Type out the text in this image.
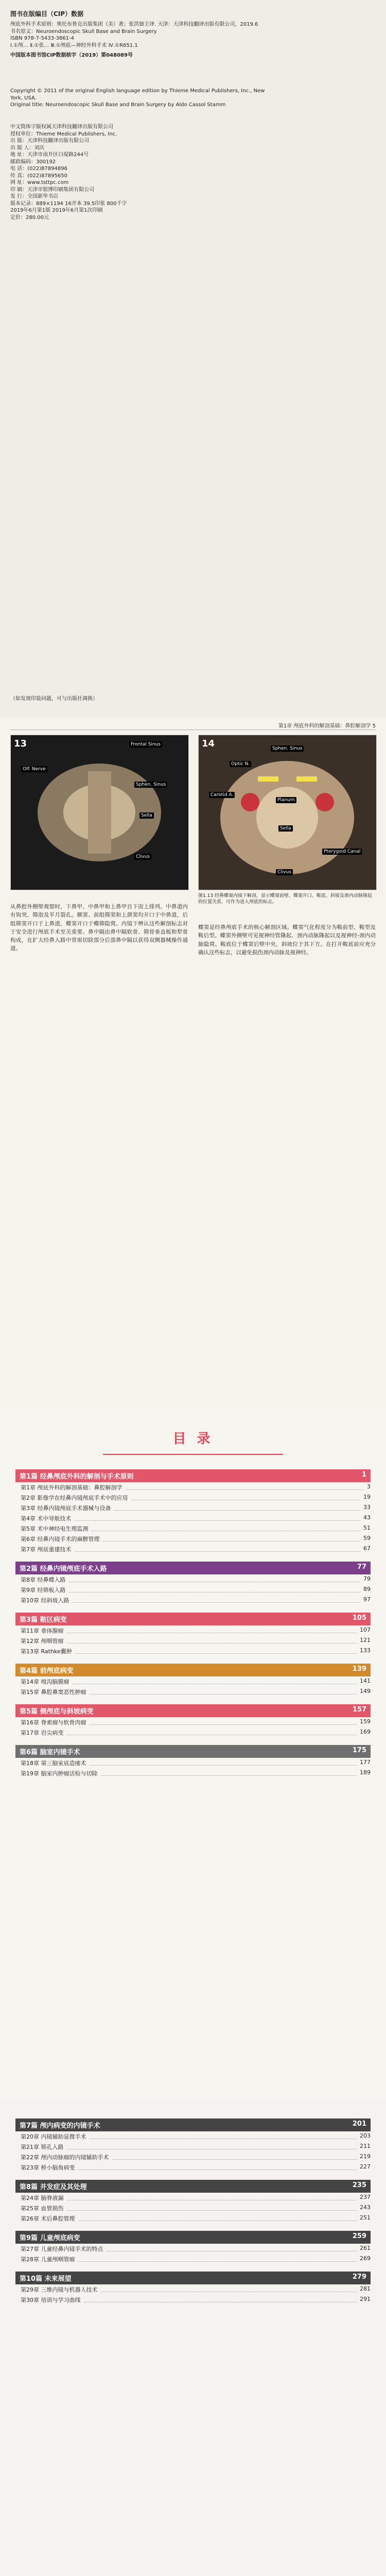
图书在版编目（CIP）数据
颅底外科手术原则：奥托布鲁克出版集团（美）著；张洪钿主译. 天津：天津科技翻译出版有限公司，2019.6
书名原文：Neuroendoscopic Skull Base and Brain Surgery
ISBN 978-7-5433-3861-4
Ⅰ.①颅… Ⅱ.①张… Ⅲ.①颅底—神经外科手术 Ⅳ.①R651.1
中国版本图书馆CIP数据核字（2019）第048089号
Copyright © 2011 of the original English language edition by Thieme Medical Publishers, Inc., New York, USA.
Original title: Neuroendoscopic Skull Base and Brain Surgery by Aldo Cassol Stamm
中文简体字版权属天津科技翻译出版有限公司
授权单位：Thieme Medical Publishers, Inc.
出 版：天津科技翻译出版有限公司
出 版 人：刘庆
地 址：天津市南开区白堤路244号
邮政编码：300192
电 话：(022)87894896
传 真：(022)87895650
网 址：www.tsttpc.com
印 刷：天津市银博印刷集团有限公司
发 行：全国新华书店
版本记录：889×1194 16开本 39.5印张 800千字
2019年6月第1版 2019年6月第1次印刷
定价：280.00元
（如发现印装问题，可与出版社调换）
第1章 颅底外科的解剖基础：鼻腔解剖学 5
13	Frontal Sinus
Sphen. Sinus
Sella
Clivus
Olf. Nerve
14
Optic N.
Carotid A.
Sphen. Sinus
Planum
Sella
Clivus
Pterygoid Canal
图1.13 经鼻蝶窦内镜下解剖，显示蝶窦前壁、蝶窦开口、鞍底、斜坡及颈内动脉隆起的位置关系，可作为进入颅底的标志。
从鼻腔外侧壁观察时，下鼻甲、中鼻甲和上鼻甲自下而上排列。中鼻道内有钩突、筛泡及半月裂孔。额窦、前组筛窦和上颌窦均开口于中鼻道，后组筛窦开口于上鼻道，蝶窦开口于蝶筛隐窝。内镜下辨认这些解剖标志对于安全进行颅底手术至关重要。鼻中隔由鼻中隔软骨、筛骨垂直板和犁骨构成，在扩大经鼻入路中常需切除部分后部鼻中隔以获得双侧器械操作通道。
蝶窦是经鼻颅底手术的核心解剖区域。蝶窦气化程度分为鞍前型、鞍型及鞍后型。蝶窦外侧壁可见视神经管隆起、颈内动脉隆起以及视神经-颈内动脉隐窝。鞍底位于蝶窦后壁中央，斜坡位于其下方。在打开鞍底前应充分确认这些标志，以避免损伤颈内动脉及视神经。
目 录
第1篇 经鼻颅底外科的解剖与手术原则	1
第1章 颅底外科的解剖基础：鼻腔解剖学	3
第2章 影像学在经鼻内镜颅底手术中的应用	19
第3章 经鼻内镜颅底手术器械与设备	33
第4章 术中导航技术	43
第5章 术中神经电生理监测	51
第6章 经鼻内镜手术的麻醉管理	59
第7章 颅底重建技术	67
第2篇 经鼻内镜颅底手术入路	77
第8章 经鼻蝶入路	79
第9章 经筛板入路	89
第10章 经斜坡入路	97
第3篇 鞍区病变	105
第11章 垂体腺瘤	107
第12章 颅咽管瘤	121
第13章 Rathke囊肿	133
第4篇 前颅底病变	139
第14章 嗅沟脑膜瘤	141
第15章 鼻腔鼻窦恶性肿瘤	149
第5篇 侧颅底与斜坡病变	157
第16章 脊索瘤与软骨肉瘤	159
第17章 岩尖病变	169
第6篇 脑室内镜手术	175
第18章 第三脑室底造瘘术	177
第19章 脑室内肿瘤活检与切除	189
第7篇 颅内病变的内镜手术	201
第20章 内镜辅助显微手术	203
第21章 锁孔入路	211
第22章 颅内动脉瘤的内镜辅助手术	219
第23章 桥小脑角病变	227
第8篇 并发症及其处理	235
第24章 脑脊液漏	237
第25章 血管损伤	243
第26章 术后鼻腔管理	251
第9篇 儿童颅底病变	259
第27章 儿童经鼻内镜手术的特点	261
第28章 儿童颅咽管瘤	269
第10篇 未来展望	279
第29章 三维内镜与机器人技术	281
第30章 培训与学习曲线	291
